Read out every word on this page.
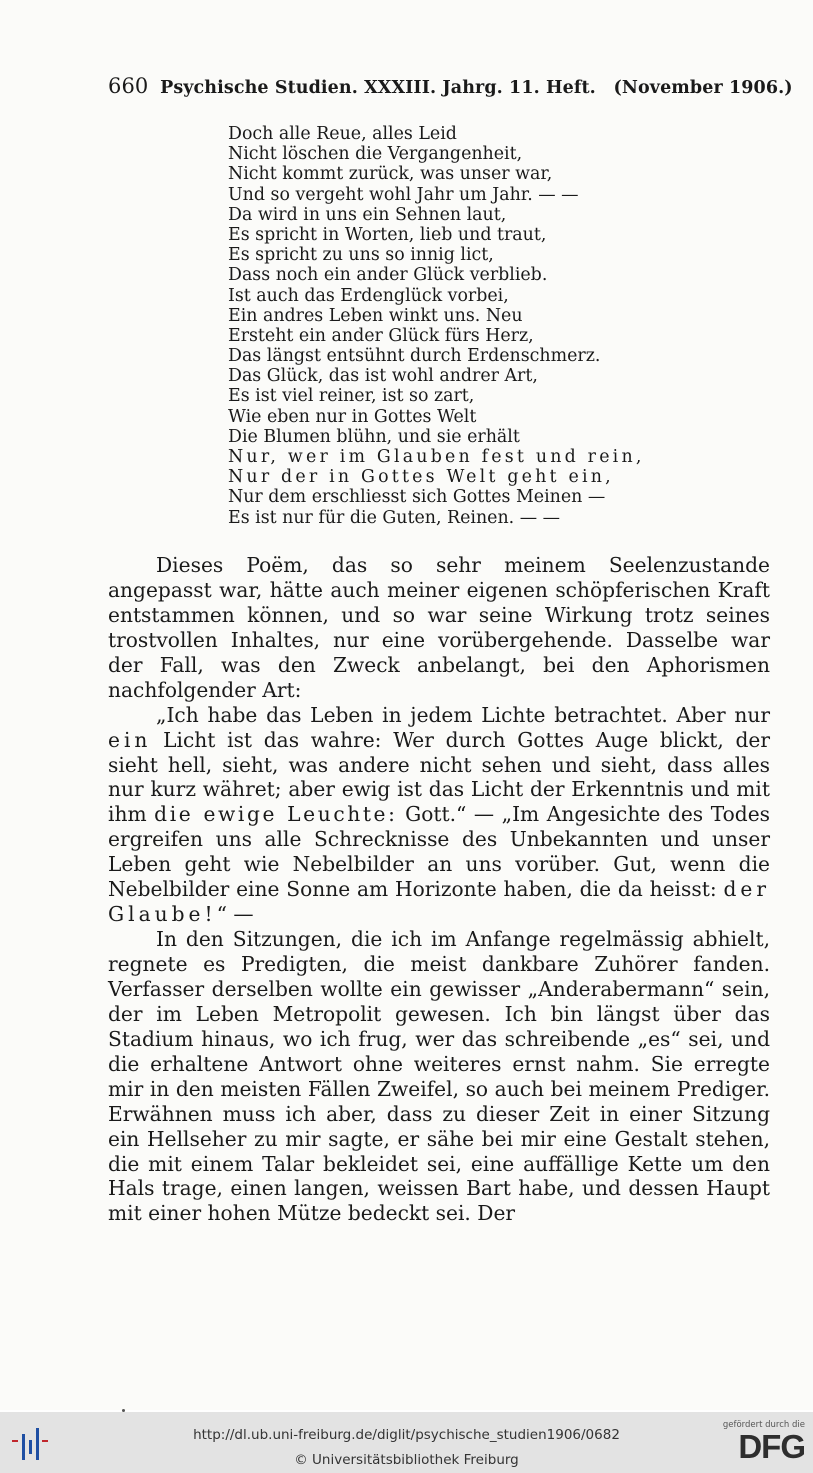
660 Psychische Studien. XXXIII. Jahrg. 11. Heft. (November 1906.)
Doch alle Reue, alles Leid
Nicht löschen die Vergangenheit,
Nicht kommt zurück, was unser war,
Und so vergeht wohl Jahr um Jahr. — —
Da wird in uns ein Sehnen laut,
Es spricht in Worten, lieb und traut,
Es spricht zu uns so innig lict,
Dass noch ein ander Glück verblieb.
Ist auch das Erdenglück vorbei,
Ein andres Leben winkt uns. Neu
Ersteht ein ander Glück fürs Herz,
Das längst entsühnt durch Erdenschmerz.
Das Glück, das ist wohl andrer Art,
Es ist viel reiner, ist so zart,
Wie eben nur in Gottes Welt
Die Blumen blühn, und sie erhält
Nur, wer im Glauben fest und rein,
Nur der in Gottes Welt geht ein,
Nur dem erschliesst sich Gottes Meinen —
Es ist nur für die Guten, Reinen. — —

Dieses Poëm, das so sehr meinem Seelenzustande angepasst war, hätte auch meiner eigenen schöpferischen Kraft entstammen können, und so war seine Wirkung trotz seines trostvollen Inhaltes, nur eine vorübergehende. Dasselbe war der Fall, was den Zweck anbelangt, bei den Aphorismen nachfolgender Art:

„Ich habe das Leben in jedem Lichte betrachtet. Aber nur ein Licht ist das wahre: Wer durch Gottes Auge blickt, der sieht hell, sieht, was andere nicht sehen und sieht, dass alles nur kurz währet; aber ewig ist das Licht der Erkenntnis und mit ihm die ewige Leuchte: Gott.“ — „Im Angesichte des Todes ergreifen uns alle Schrecknisse des Unbekannten und unser Leben geht wie Nebelbilder an uns vorüber. Gut, wenn die Nebelbilder eine Sonne am Horizonte haben, die da heisst: der Glaube!“ —

In den Sitzungen, die ich im Anfange regelmässig abhielt, regnete es Predigten, die meist dankbare Zuhörer fanden. Verfasser derselben wollte ein gewisser „Anderabermann“ sein, der im Leben Metropolit gewesen. Ich bin längst über das Stadium hinaus, wo ich frug, wer das schreibende „es“ sei, und die erhaltene Antwort ohne weiteres ernst nahm. Sie erregte mir in den meisten Fällen Zweifel, so auch bei meinem Prediger. Erwähnen muss ich aber, dass zu dieser Zeit in einer Sitzung ein Hellseher zu mir sagte, er sähe bei mir eine Gestalt stehen, die mit einem Talar bekleidet sei, eine auffällige Kette um den Hals trage, einen langen, weissen Bart habe, und dessen Haupt mit einer hohen Mütze bedeckt sei. Der

http://dl.ub.uni-freiburg.de/diglit/psychische_studien1906/0682
© Universitätsbibliothek Freiburg
gefördert durch die
DFG
